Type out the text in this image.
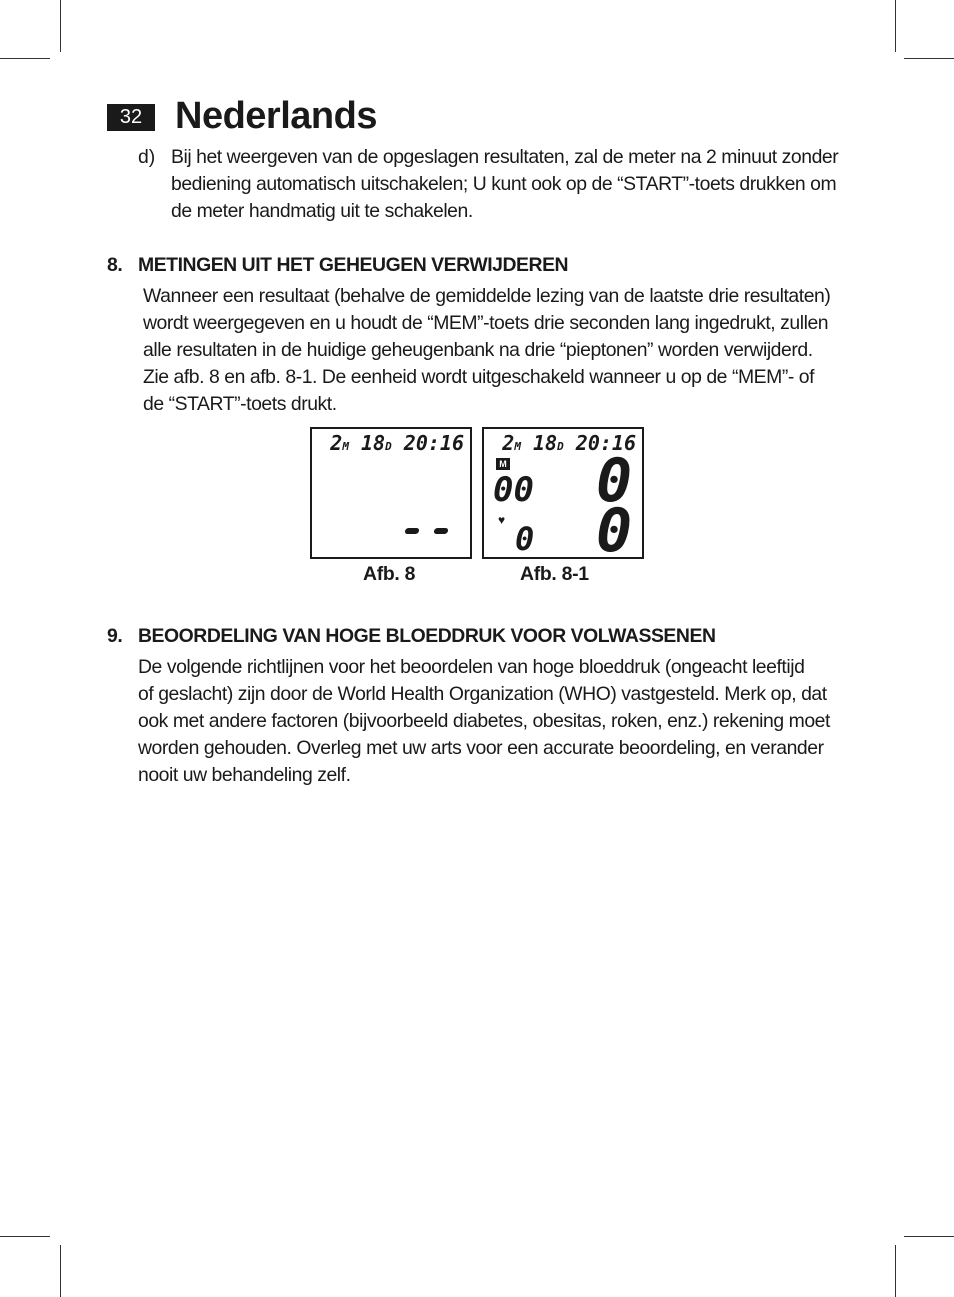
32 Nederlands
d) Bij het weergeven van de opgeslagen resultaten, zal de meter na 2 minuut zonder
bediening automatisch uitschakelen; U kunt ook op de “START”-toets drukken om
de meter handmatig uit te schakelen.
8. METINGEN UIT HET GEHEUGEN VERWIJDEREN
Wanneer een resultaat (behalve de gemiddelde lezing van de laatste drie resultaten)
wordt weergegeven en u houdt de “MEM”-toets drie seconden lang ingedrukt, zullen
alle resultaten in de huidige geheugenbank na drie “pieptonen” worden verwijderd.
Zie afb. 8 en afb. 8-1. De eenheid wordt uitgeschakeld wanneer u op de “MEM”- of
de “START”-toets drukt.
2M 18D 20:16 2M 18D 20:16
M
00 0
♥ 0 0
Afb. 8	Afb. 8-1
9. BEOORDELING VAN HOGE BLOEDDRUK VOOR VOLWASSENEN
De volgende richtlijnen voor het beoordelen van hoge bloeddruk (ongeacht leeftijd
of geslacht) zijn door de World Health Organization (WHO) vastgesteld. Merk op, dat
ook met andere factoren (bijvoorbeeld diabetes, obesitas, roken, enz.) rekening moet
worden gehouden. Overleg met uw arts voor een accurate beoordeling, en verander
nooit uw behandeling zelf.
